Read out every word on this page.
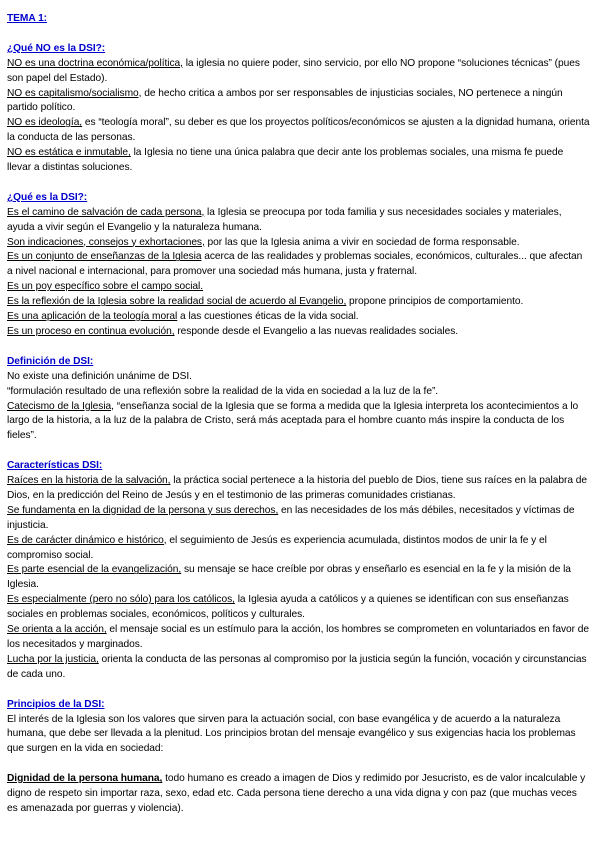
TEMA 1:

¿Qué NO es la DSI?:

NO es una doctrina económica/política, la iglesia no quiere poder, sino servicio, por ello NO propone “soluciones técnicas” (pues son papel del Estado).

NO es capitalismo/socialismo, de hecho critica a ambos por ser responsables de injusticias sociales, NO pertenece a ningún partido político.

NO es ideología, es “teología moral”, su deber es que los proyectos políticos/económicos se ajusten a la dignidad humana, orienta la conducta de las personas.

NO es estática e inmutable, la Iglesia no tiene una única palabra que decir ante los problemas sociales, una misma fe puede llevar a distintas soluciones.

¿Qué es la DSI?:

Es el camino de salvación de cada persona, la Iglesia se preocupa por toda familia y sus necesidades sociales y materiales, ayuda a vivir según el Evangelio y la naturaleza humana.

Son indicaciones, consejos y exhortaciones, por las que la Iglesia anima a vivir en sociedad de forma responsable.

Es un conjunto de enseñanzas de la Iglesia acerca de las realidades y problemas sociales, económicos, culturales... que afectan a nivel nacional e internacional, para promover una sociedad más humana, justa y fraternal.

Es un poy específico sobre el campo social.

Es la reflexión de la Iglesia sobre la realidad social de acuerdo al Evangelio, propone principios de comportamiento.

Es una aplicación de la teología moral a las cuestiones éticas de la vida social.

Es un proceso en continua evolución, responde desde el Evangelio a las nuevas realidades sociales.

Definición de DSI:

No existe una definición unánime de DSI.

“formulación resultado de una reflexión sobre la realidad de la vida en sociedad a la luz de la fe”.

Catecismo de la Iglesia, “enseñanza social de la Iglesia que se forma a medida que la Iglesia interpreta los acontecimientos a lo largo de la historia, a la luz de la palabra de Cristo, será más aceptada para el hombre cuanto más inspire la conducta de los fieles”.

Características DSI:

Raíces en la historia de la salvación, la práctica social pertenece a la historia del pueblo de Dios, tiene sus raíces en la palabra de Dios, en la predicción del Reino de Jesús y en el testimonio de las primeras comunidades cristianas.

Se fundamenta en la dignidad de la persona y sus derechos, en las necesidades de los más débiles, necesitados y víctimas de injusticia.

Es de carácter dinámico e histórico, el seguimiento de Jesús es experiencia acumulada, distintos modos de unir la fe y el compromiso social.

Es parte esencial de la evangelización, su mensaje se hace creíble por obras y enseñarlo es esencial en la fe y la misión de la Iglesia.

Es especialmente (pero no sólo) para los católicos, la Iglesia ayuda a católicos y a quienes se identifican con sus enseñanzas sociales en problemas sociales, económicos, políticos y culturales.

Se orienta a la acción, el mensaje social es un estímulo para la acción, los hombres se comprometen en voluntariados en favor de los necesitados y marginados.

Lucha por la justicia, orienta la conducta de las personas al compromiso por la justicia según la función, vocación y circunstancias de cada uno.

Principios de la DSI:

El interés de la Iglesia son los valores que sirven para la actuación social, con base evangélica y de acuerdo a la naturaleza humana, que debe ser llevada a la plenitud. Los principios brotan del mensaje evangélico y sus exigencias hacia los problemas que surgen en la vida en sociedad:

Dignidad de la persona humana, todo humano es creado a imagen de Dios y redimido por Jesucristo, es de valor incalculable y digno de respeto sin importar raza, sexo, edad etc. Cada persona tiene derecho a una vida digna y con paz (que muchas veces es amenazada por guerras y violencia).
